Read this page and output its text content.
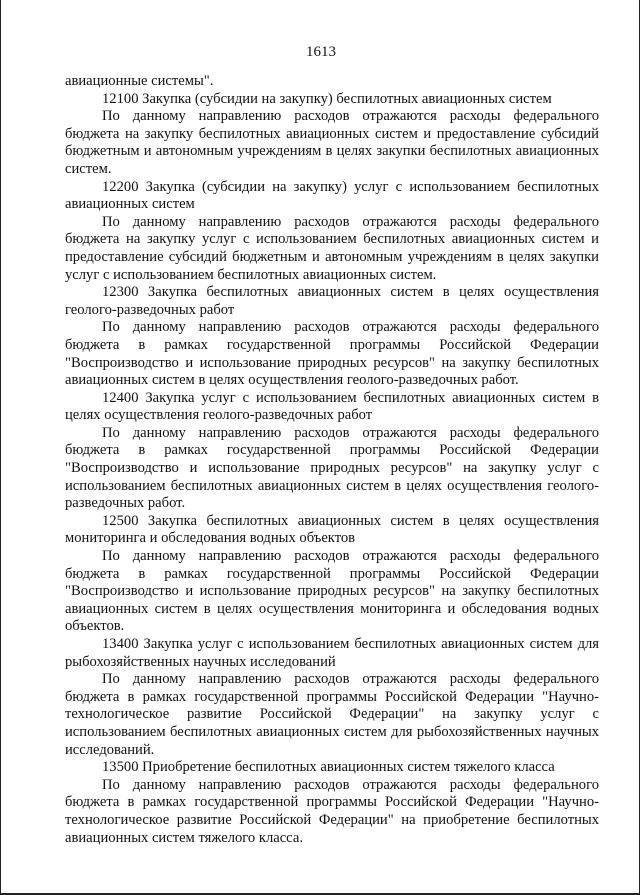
1613

авиационные системы".

12100 Закупка (субсидии на закупку) беспилотных авиационных систем

По данному направлению расходов отражаются расходы федерального бюджета на закупку беспилотных авиационных систем и предоставление субсидий бюджетным и автономным учреждениям в целях закупки беспилотных авиационных систем.

12200 Закупка (субсидии на закупку) услуг с использованием беспилотных авиационных систем

По данному направлению расходов отражаются расходы федерального бюджета на закупку услуг с использованием беспилотных авиационных систем и предоставление субсидий бюджетным и автономным учреждениям в целях закупки услуг с использованием беспилотных авиационных систем.

12300 Закупка беспилотных авиационных систем в целях осуществления геолого-разведочных работ

По данному направлению расходов отражаются расходы федерального бюджета в рамках государственной программы Российской Федерации "Воспроизводство и использование природных ресурсов" на закупку беспилотных авиационных систем в целях осуществления геолого-разведочных работ.

12400 Закупка услуг с использованием беспилотных авиационных систем в целях осуществления геолого-разведочных работ

По данному направлению расходов отражаются расходы федерального бюджета в рамках государственной программы Российской Федерации "Воспроизводство и использование природных ресурсов" на закупку услуг с использованием беспилотных авиационных систем в целях осуществления геолого-разведочных работ.

12500 Закупка беспилотных авиационных систем в целях осуществления мониторинга и обследования водных объектов

По данному направлению расходов отражаются расходы федерального бюджета в рамках государственной программы Российской Федерации "Воспроизводство и использование природных ресурсов" на закупку беспилотных авиационных систем в целях осуществления мониторинга и обследования водных объектов.

13400 Закупка услуг с использованием беспилотных авиационных систем для рыбохозяйственных научных исследований

По данному направлению расходов отражаются расходы федерального бюджета в рамках государственной программы Российской Федерации "Научно-технологическое развитие Российской Федерации" на закупку услуг с использованием беспилотных авиационных систем для рыбохозяйственных научных исследований.

13500 Приобретение беспилотных авиационных систем тяжелого класса

По данному направлению расходов отражаются расходы федерального бюджета в рамках государственной программы Российской Федерации "Научно-технологическое развитие Российской Федерации" на приобретение беспилотных авиационных систем тяжелого класса.
